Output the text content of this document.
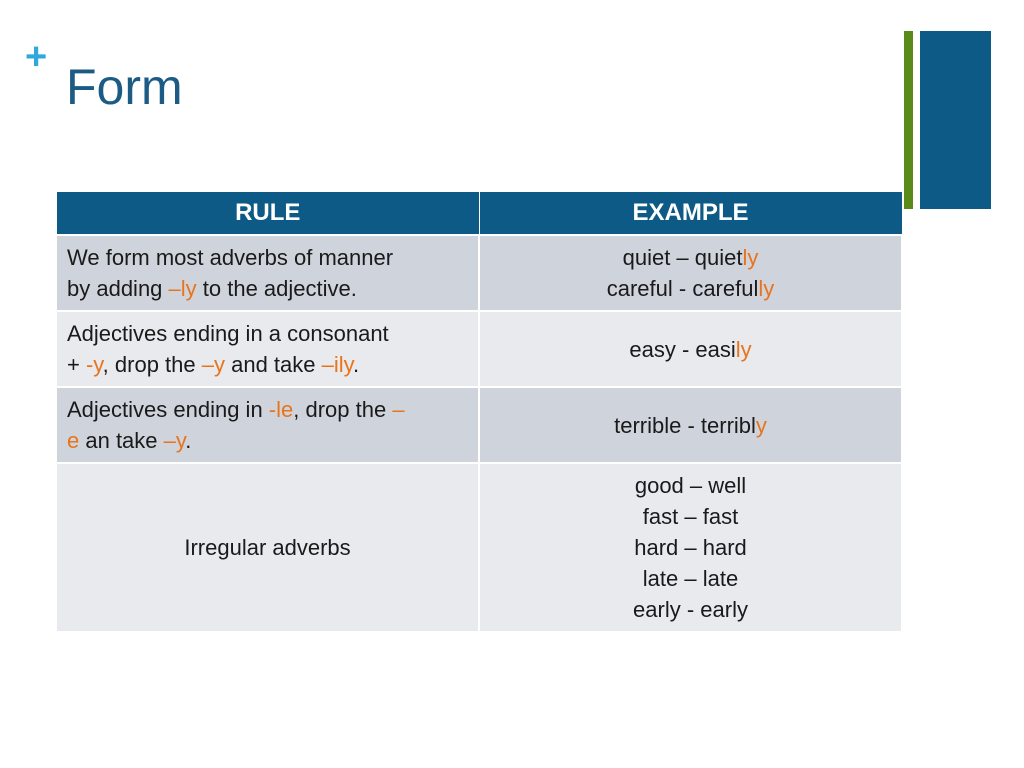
+
Form
RULE	EXAMPLE

We form most adverbs of manner
by adding –ly to the adjective.	quiet – quietly
careful - carefully

Adjectives ending in a consonant
+ -y, drop the –y and take –ily.	easy - easily

Adjectives ending in -le, drop the –
e an take –y.	terrible - terribly

Irregular adverbs	good – well
fast – fast
hard – hard
late – late
early - early
